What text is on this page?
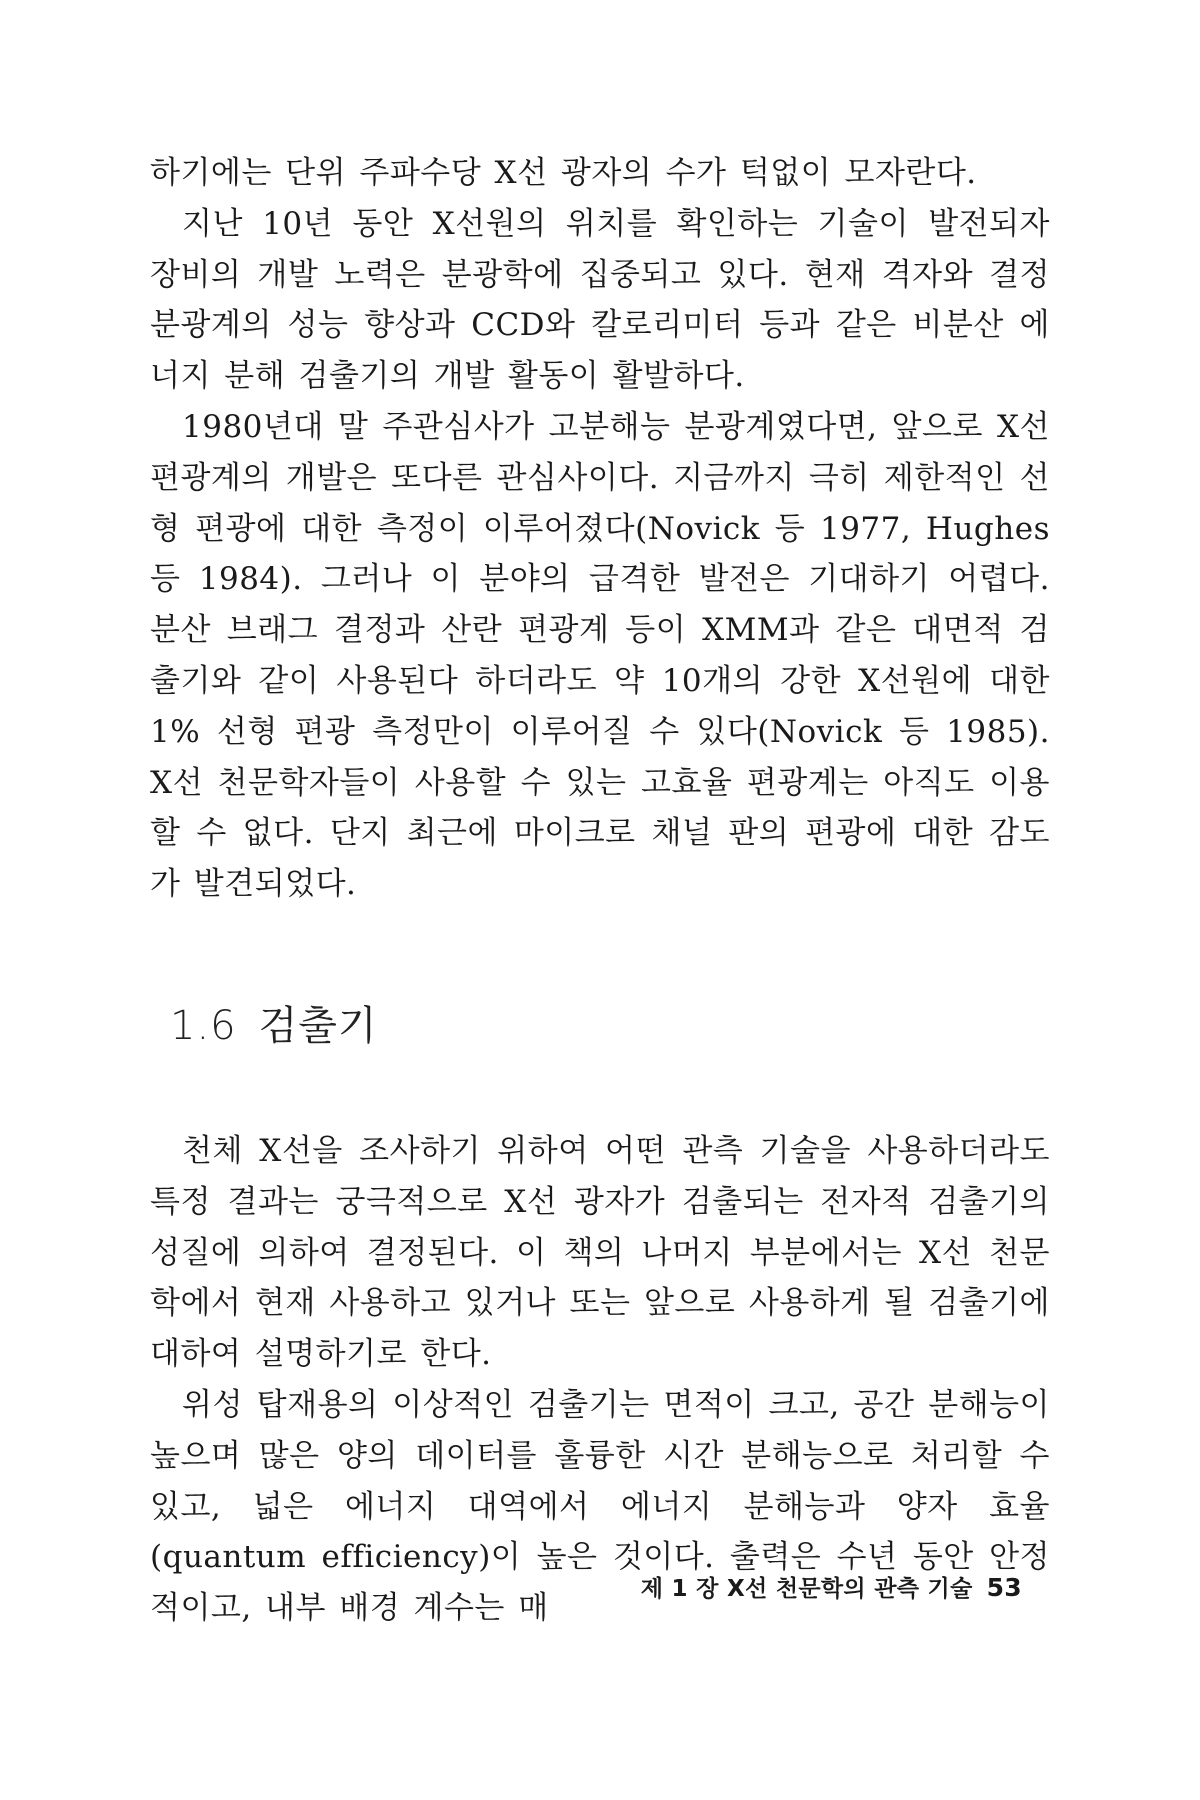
하기에는 단위 주파수당 X선 광자의 수가 턱없이 모자란다.

지난 10년 동안 X선원의 위치를 확인하는 기술이 발전되자 장비의 개발 노력은 분광학에 집중되고 있다. 현재 격자와 결정 분광계의 성능 향상과 CCD와 칼로리미터 등과 같은 비분산 에너지 분해 검출기의 개발 활동이 활발하다.

1980년대 말 주관심사가 고분해능 분광계였다면, 앞으로 X선 편광계의 개발은 또다른 관심사이다. 지금까지 극히 제한적인 선형 편광에 대한 측정이 이루어졌다(Novick 등 1977, Hughes 등 1984). 그러나 이 분야의 급격한 발전은 기대하기 어렵다. 분산 브래그 결정과 산란 편광계 등이 XMM과 같은 대면적 검출기와 같이 사용된다 하더라도 약 10개의 강한 X선원에 대한 1% 선형 편광 측정만이 이루어질 수 있다(Novick 등 1985). X선 천문학자들이 사용할 수 있는 고효율 편광계는 아직도 이용할 수 없다. 단지 최근에 마이크로 채널 판의 편광에 대한 감도가 발견되었다.

1.6 검출기

천체 X선을 조사하기 위하여 어떤 관측 기술을 사용하더라도 특정 결과는 궁극적으로 X선 광자가 검출되는 전자적 검출기의 성질에 의하여 결정된다. 이 책의 나머지 부분에서는 X선 천문학에서 현재 사용하고 있거나 또는 앞으로 사용하게 될 검출기에 대하여 설명하기로 한다.

위성 탑재용의 이상적인 검출기는 면적이 크고, 공간 분해능이 높으며 많은 양의 데이터를 훌륭한 시간 분해능으로 처리할 수 있고, 넓은 에너지 대역에서 에너지 분해능과 양자 효율(quantum efficiency)이 높은 것이다. 출력은 수년 동안 안정적이고, 내부 배경 계수는 매

제 1 장 X선 천문학의 관측 기술 53
